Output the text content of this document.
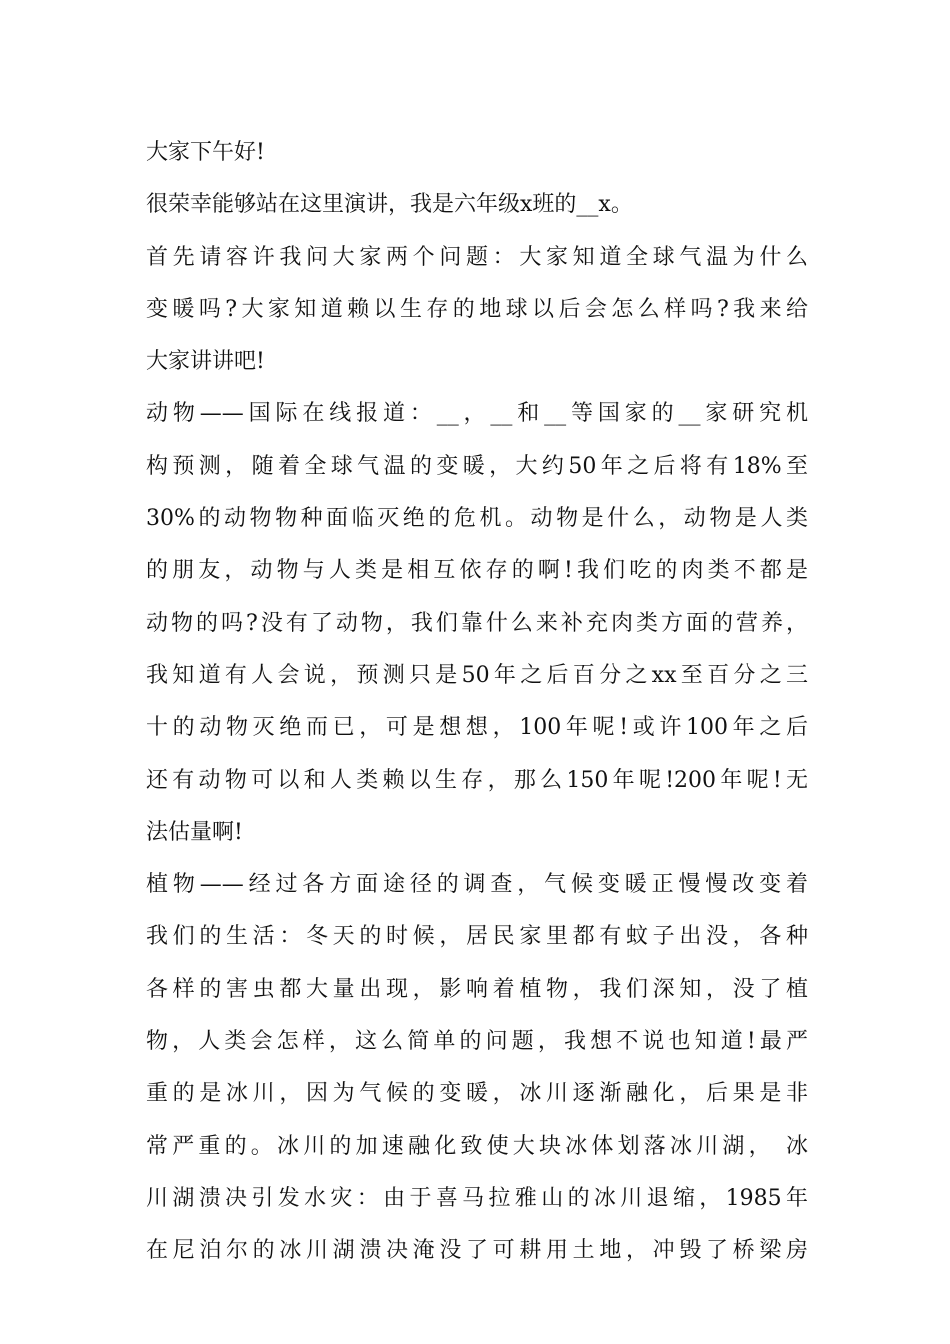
大家下午好!
很荣幸能够站在这里演讲，我是六年级x班的__x。
首先请容许我问大家两个问题：大家知道全球气温为什么
变暖吗?大家知道赖以生存的地球以后会怎么样吗?我来给
大家讲讲吧!
动物——国际在线报道：__，__和__等国家的__家研究机
构预测，随着全球气温的变暖，大约50年之后将有18%至
30%的动物物种面临灭绝的危机。动物是什么，动物是人类
的朋友，动物与人类是相互依存的啊!我们吃的肉类不都是
动物的吗?没有了动物，我们靠什么来补充肉类方面的营养，
我知道有人会说，预测只是50年之后百分之xx至百分之三
十的动物灭绝而已，可是想想，100年呢!或许100年之后
还有动物可以和人类赖以生存，那么150年呢!200年呢!无
法估量啊!
植物——经过各方面途径的调查，气候变暖正慢慢改变着
我们的生活：冬天的时候，居民家里都有蚊子出没，各种
各样的害虫都大量出现，影响着植物，我们深知，没了植
物，人类会怎样，这么简单的问题，我想不说也知道!最严
重的是冰川，因为气候的变暖，冰川逐渐融化，后果是非
常严重的。冰川的加速融化致使大块冰体划落冰川湖， 冰
川湖溃决引发水灾：由于喜马拉雅山的冰川退缩，1985年
在尼泊尔的冰川湖溃决淹没了可耕用土地，冲毁了桥梁房
